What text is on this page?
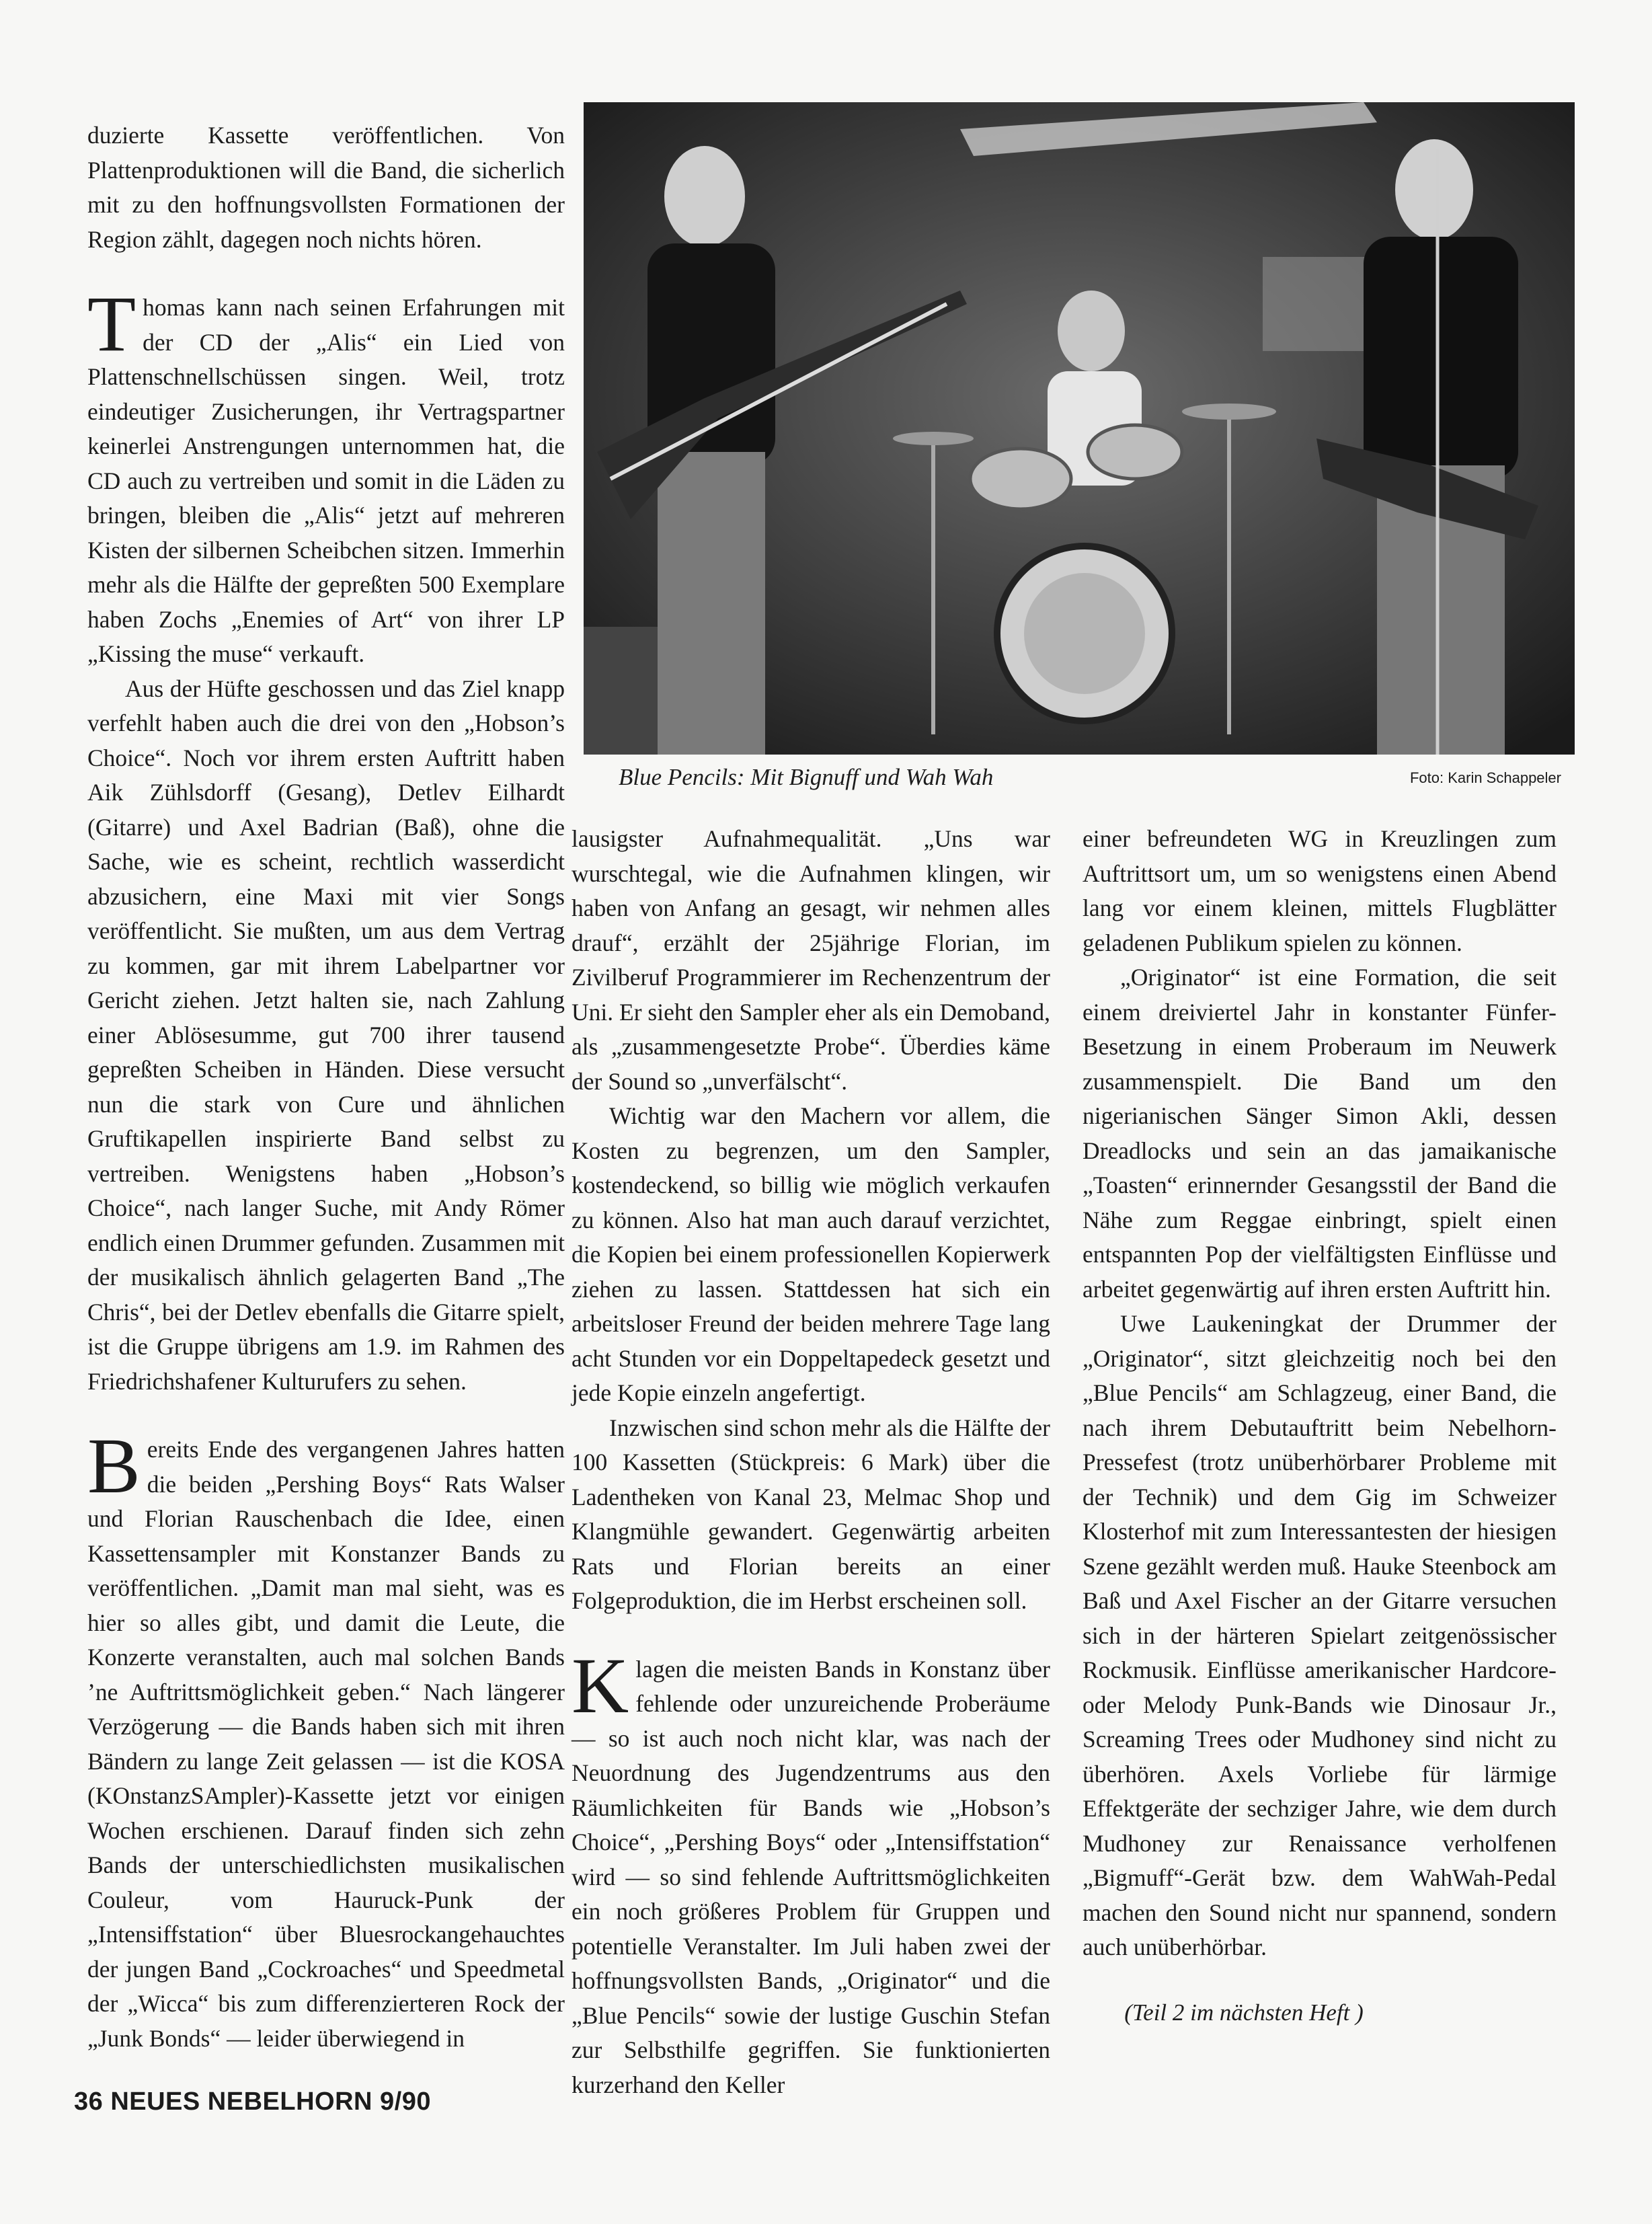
duzierte Kassette veröffentlichen. Von Plattenproduktionen will die Band, die sicherlich mit zu den hoffnungsvollsten Formationen der Region zählt, dagegen noch nichts hören.

Thomas kann nach seinen Erfahrungen mit der CD der „Alis“ ein Lied von Plattenschnellschüssen singen. Weil, trotz eindeutiger Zusicherungen, ihr Vertragspartner keinerlei Anstrengungen unternommen hat, die CD auch zu vertreiben und somit in die Läden zu bringen, bleiben die „Alis“ jetzt auf mehreren Kisten der silbernen Scheibchen sitzen. Immerhin mehr als die Hälfte der gepreßten 500 Exemplare haben Zochs „Enemies of Art“ von ihrer LP „Kissing the muse“ verkauft.

Aus der Hüfte geschossen und das Ziel knapp verfehlt haben auch die drei von den „Hobson’s Choice“. Noch vor ihrem ersten Auftritt haben Aik Zühlsdorff (Gesang), Detlev Eilhardt (Gitarre) und Axel Badrian (Baß), ohne die Sache, wie es scheint, rechtlich wasserdicht abzusichern, eine Maxi mit vier Songs veröffentlicht. Sie mußten, um aus dem Vertrag zu kommen, gar mit ihrem Labelpartner vor Gericht ziehen. Jetzt halten sie, nach Zahlung einer Ablösesumme, gut 700 ihrer tausend gepreßten Scheiben in Händen. Diese versucht nun die stark von Cure und ähnlichen Gruftikapellen inspirierte Band selbst zu vertreiben. Wenigstens haben „Hobson’s Choice“, nach langer Suche, mit Andy Römer endlich einen Drummer gefunden. Zusammen mit der musikalisch ähnlich gelagerten Band „The Chris“, bei der Detlev ebenfalls die Gitarre spielt, ist die Gruppe übrigens am 1.9. im Rahmen des Friedrichshafener Kulturufers zu sehen.

Bereits Ende des vergangenen Jahres hatten die beiden „Pershing Boys“ Rats Walser und Florian Rauschenbach die Idee, einen Kassettensampler mit Konstanzer Bands zu veröffentlichen. „Damit man mal sieht, was es hier so alles gibt, und damit die Leute, die Konzerte veranstalten, auch mal solchen Bands ’ne Auftrittsmöglichkeit geben.“ Nach längerer Verzögerung — die Bands haben sich mit ihren Bändern zu lange Zeit gelassen — ist die KOSA (KOnstanzSAmpler)-Kassette jetzt vor einigen Wochen erschienen. Darauf finden sich zehn Bands der unterschiedlichsten musikalischen Couleur, vom Hauruck-Punk der „Intensiffstation“ über Bluesrockangehauchtes der jungen Band „Cockroaches“ und Speedmetal der „Wicca“ bis zum differenzierteren Rock der „Junk Bonds“ — leider überwiegend in

Blue Pencils: Mit Bignuff und Wah Wah	Foto: Karin Schappeler

lausigster Aufnahmequalität. „Uns war wurschtegal, wie die Aufnahmen klingen, wir haben von Anfang an gesagt, wir nehmen alles drauf“, erzählt der 25jährige Florian, im Zivilberuf Programmierer im Rechenzentrum der Uni. Er sieht den Sampler eher als ein Demoband, als „zusammengesetzte Probe“. Überdies käme der Sound so „unverfälscht“.

Wichtig war den Machern vor allem, die Kosten zu begrenzen, um den Sampler, kostendeckend, so billig wie möglich verkaufen zu können. Also hat man auch darauf verzichtet, die Kopien bei einem professionellen Kopierwerk ziehen zu lassen. Stattdessen hat sich ein arbeitsloser Freund der beiden mehrere Tage lang acht Stunden vor ein Doppeltapedeck gesetzt und jede Kopie einzeln angefertigt.

Inzwischen sind schon mehr als die Hälfte der 100 Kassetten (Stückpreis: 6 Mark) über die Ladentheken von Kanal 23, Melmac Shop und Klangmühle gewandert. Gegenwärtig arbeiten Rats und Florian bereits an einer Folgeproduktion, die im Herbst erscheinen soll.

Klagen die meisten Bands in Konstanz über fehlende oder unzureichende Proberäume — so ist auch noch nicht klar, was nach der Neuordnung des Jugendzentrums aus den Räumlichkeiten für Bands wie „Hobson’s Choice“, „Pershing Boys“ oder „Intensiffstation“ wird — so sind fehlende Auftrittsmöglichkeiten ein noch größeres Problem für Gruppen und potentielle Veranstalter. Im Juli haben zwei der hoffnungsvollsten Bands, „Originator“ und die „Blue Pencils“ sowie der lustige Guschin Stefan zur Selbsthilfe gegriffen. Sie funktionierten kurzerhand den Keller

einer befreundeten WG in Kreuzlingen zum Auftrittsort um, um so wenigstens einen Abend lang vor einem kleinen, mittels Flugblätter geladenen Publikum spielen zu können.

„Originator“ ist eine Formation, die seit einem dreiviertel Jahr in konstanter Fünfer-Besetzung in einem Proberaum im Neuwerk zusammenspielt. Die Band um den nigerianischen Sänger Simon Akli, dessen Dreadlocks und sein an das jamaikanische „Toasten“ erinnernder Gesangsstil der Band die Nähe zum Reggae einbringt, spielt einen entspannten Pop der vielfältigsten Einflüsse und arbeitet gegenwärtig auf ihren ersten Auftritt hin.

Uwe Laukeningkat der Drummer der „Originator“, sitzt gleichzeitig noch bei den „Blue Pencils“ am Schlagzeug, einer Band, die nach ihrem Debutauftritt beim Nebelhorn-Pressefest (trotz unüberhörbarer Probleme mit der Technik) und dem Gig im Schweizer Klosterhof mit zum Interessantesten der hiesigen Szene gezählt werden muß. Hauke Steenbock am Baß und Axel Fischer an der Gitarre versuchen sich in der härteren Spielart zeitgenössischer Rockmusik. Einflüsse amerikanischer Hardcore- oder Melody Punk-Bands wie Dinosaur Jr., Screaming Trees oder Mudhoney sind nicht zu überhören. Axels Vorliebe für lärmige Effektgeräte der sechziger Jahre, wie dem durch Mudhoney zur Renaissance verholfenen „Bigmuff“-Gerät bzw. dem WahWah-Pedal machen den Sound nicht nur spannend, sondern auch unüberhörbar.

(Teil 2 im nächsten Heft )
36 NEUES NEBELHORN 9/90
